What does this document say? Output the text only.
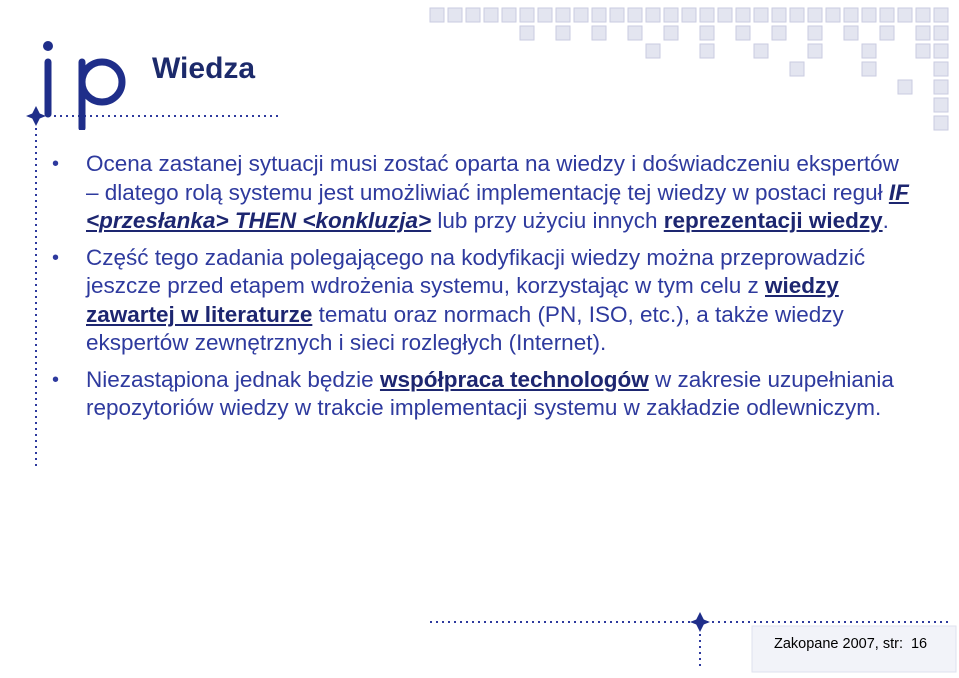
Wiedza
• Ocena zastanej sytuacji musi zostać oparta na wiedzy i doświadczeniu ekspertów – dlatego rolą systemu jest umożliwiać implementację tej wiedzy w postaci reguł IF <przesłanka> THEN <konkluzja> lub przy użyciu innych reprezentacji wiedzy.
• Część tego zadania polegającego na kodyfikacji wiedzy można przeprowadzić jeszcze przed etapem wdrożenia systemu, korzystając w tym celu z wiedzy zawartej w literaturze tematu oraz normach (PN, ISO, etc.), a także wiedzy ekspertów zewnętrznych i sieci rozległych (Internet).
• Niezastąpiona jednak będzie współpraca technologów w zakresie uzupełniania repozytoriów wiedzy w trakcie implementacji systemu w zakładzie odlewniczym.
Zakopane 2007, str: 16
